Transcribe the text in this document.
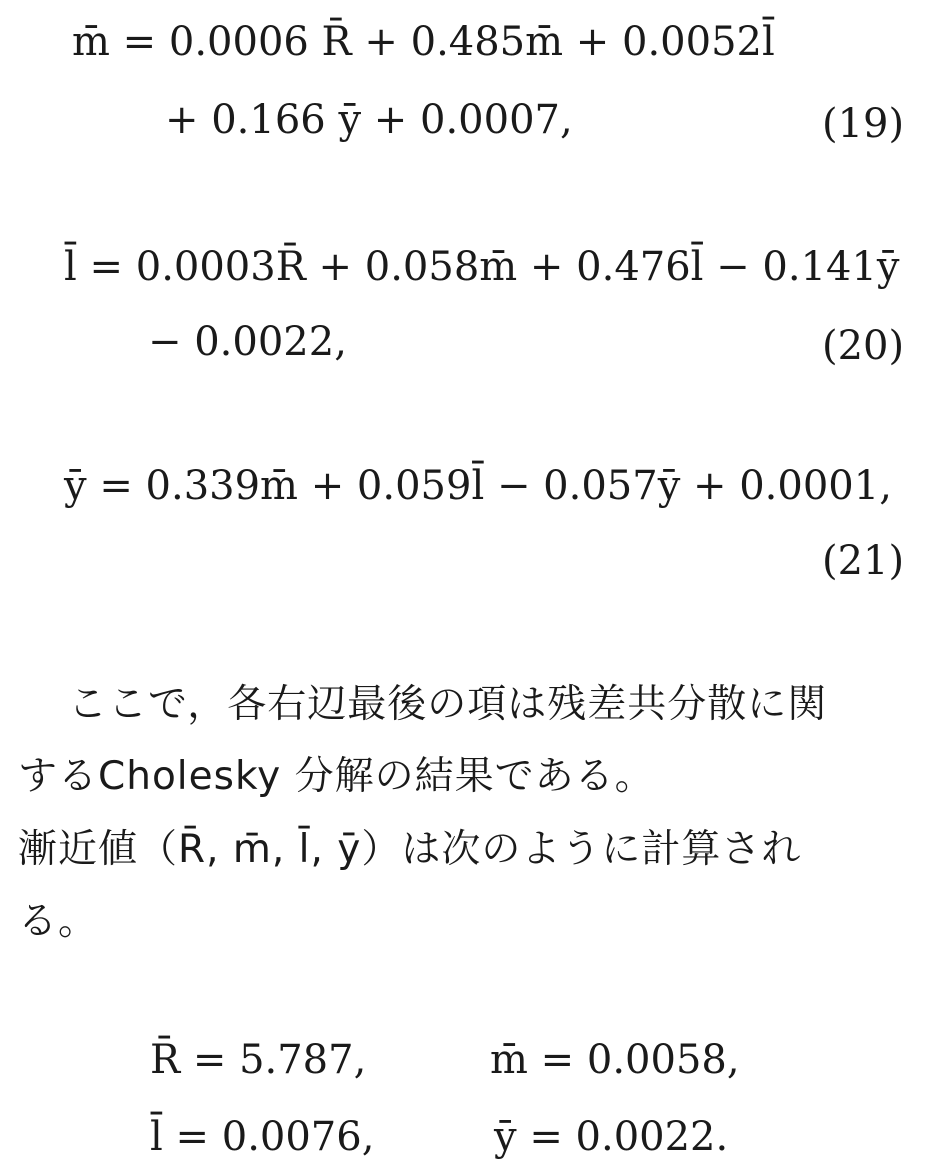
m̄ = 0.0006 R̄ + 0.485m̄ + 0.0052l̄
+ 0.166 ȳ + 0.0007,	(19)
l̄ = 0.0003R̄ + 0.058m̄ + 0.476l̄ − 0.141ȳ
− 0.0022,	(20)
ȳ = 0.339m̄ + 0.059l̄ − 0.057ȳ + 0.0001,
(21)
ここで，各右辺最後の項は残差共分散に関
するCholesky 分解の結果である。
漸近値（R̄, m̄, l̄, ȳ）は次のように計算され
る。
R̄ = 5.787,	m̄ = 0.0058,
l̄ = 0.0076,	ȳ = 0.0022.
